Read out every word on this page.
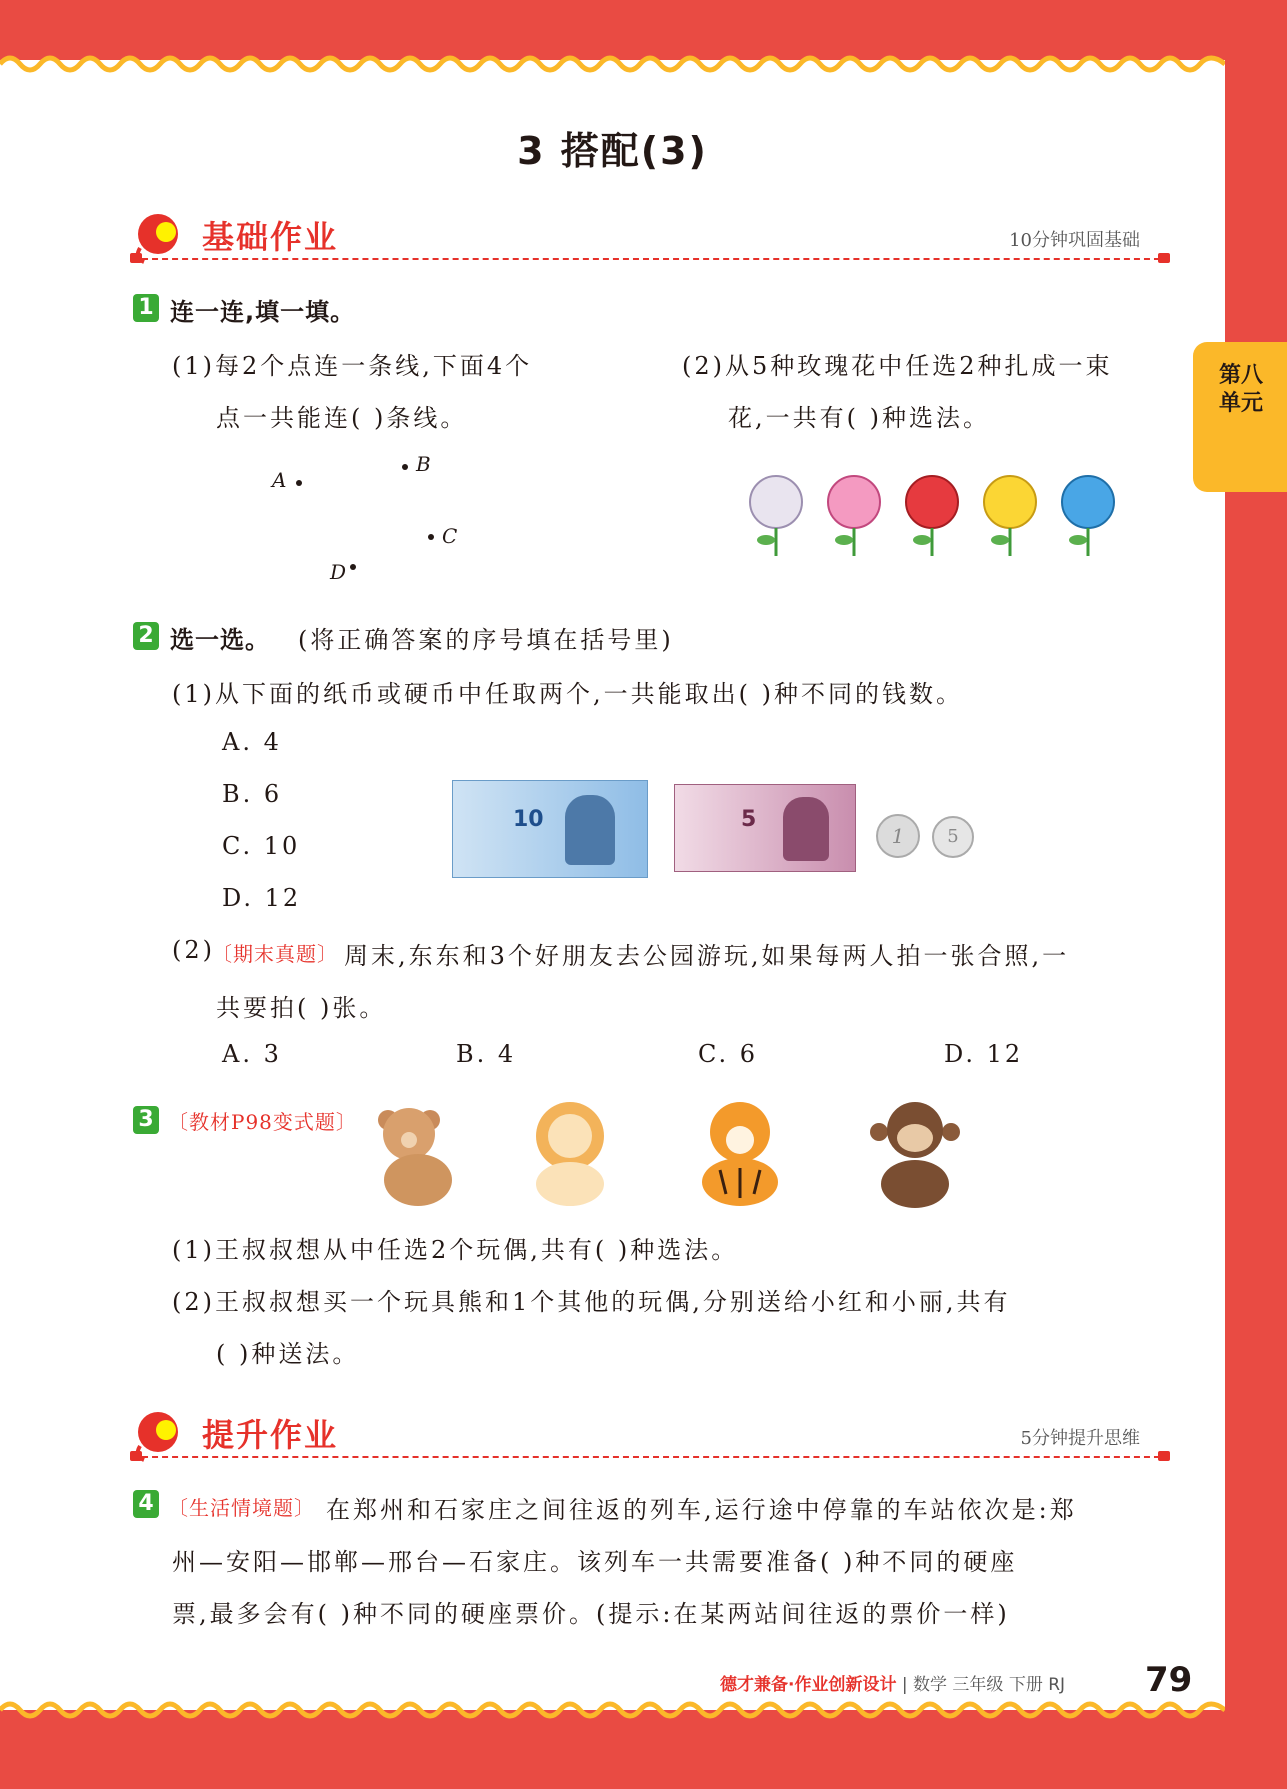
第八单元
3 搭配(3)
基础作业	10分钟巩固基础
1 连一连,填一填。
(1)每2个点连一条线,下面4个
点一共能连( )条线。
(2)从5种玫瑰花中任选2种扎成一束
花,一共有( )种选法。
A
B
C
D
2 选一选。 (将正确答案的序号填在括号里)
(1)从下面的纸币或硬币中任取两个,一共能取出( )种不同的钱数。
A. 4
B. 6
C. 10
D. 12
10	5
1	5
(2)
〔期末真题〕 周末,东东和3个好朋友去公园游玩,如果每两人拍一张合照,一
共要拍( )张。
A. 3	B. 4	C. 6	D. 12
3 〔教材P98变式题〕
(1)王叔叔想从中任选2个玩偶,共有( )种选法。
(2)王叔叔想买一个玩具熊和1个其他的玩偶,分别送给小红和小丽,共有
( )种送法。
提升作业	5分钟提升思维
4 〔生活情境题〕 在郑州和石家庄之间往返的列车,运行途中停靠的车站依次是:郑
州—安阳—邯郸—邢台—石家庄。该列车一共需要准备( )种不同的硬座
票,最多会有( )种不同的硬座票价。(提示:在某两站间往返的票价一样)
德才兼备·作业创新设计 | 数学 三年级 下册 RJ 79
